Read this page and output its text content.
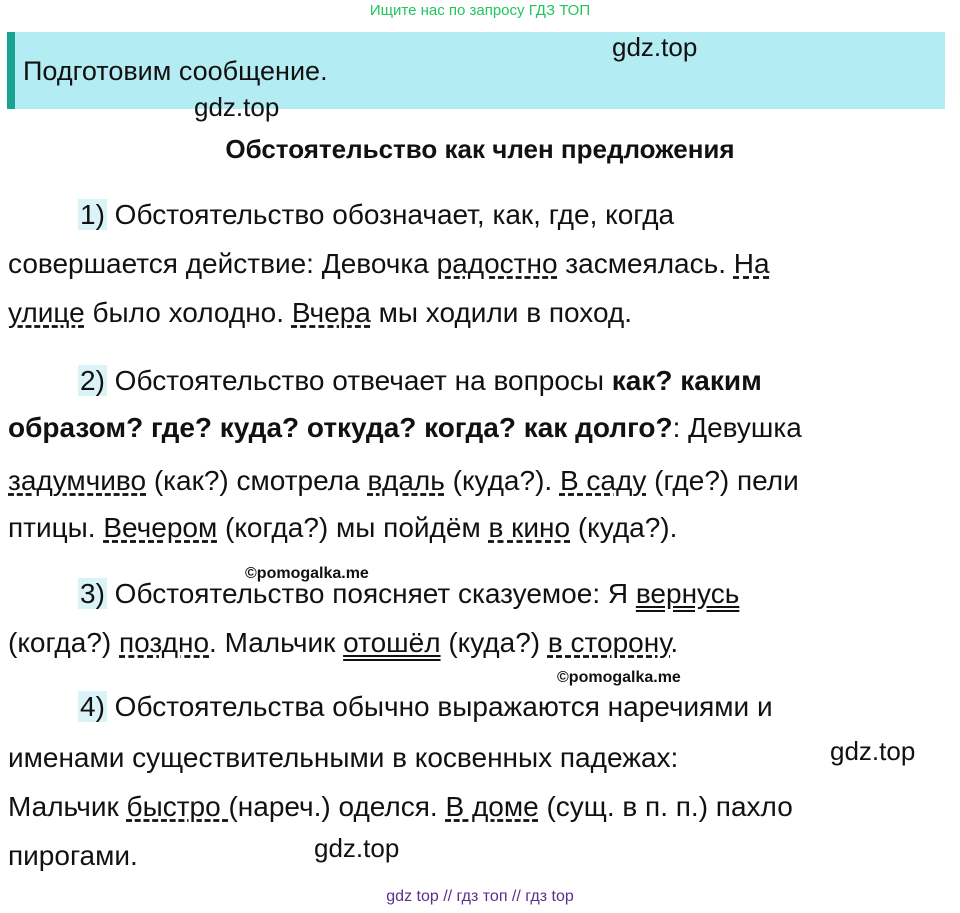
Ищите нас по запросу ГДЗ ТОП
Подготовим сообщение.
gdz.top
gdz.top
Обстоятельство как член предложения
1) Обстоятельство обозначает, как, где, когда
совершается действие: Девочка радостно засмеялась. На
улице было холодно. Вчера мы ходили в поход.
2) Обстоятельство отвечает на вопросы как? каким
образом? где? куда? откуда? когда? как долго?: Девушка
задумчиво (как?) смотрела вдаль (куда?). В саду (где?) пели
птицы. Вечером (когда?) мы пойдём в кино (куда?).
©pomogalka.me
3) Обстоятельство поясняет сказуемое: Я вернусь
(когда?) поздно. Мальчик отошёл (куда?) в сторону.
©pomogalka.me
4) Обстоятельства обычно выражаются наречиями и
именами существительными в косвенных падежах:	gdz.top
Мальчик быстро (нареч.) оделся. В доме (сущ. в п. п.) пахло
пирогами.	gdz.top
gdz top // гдз топ // гдз top
